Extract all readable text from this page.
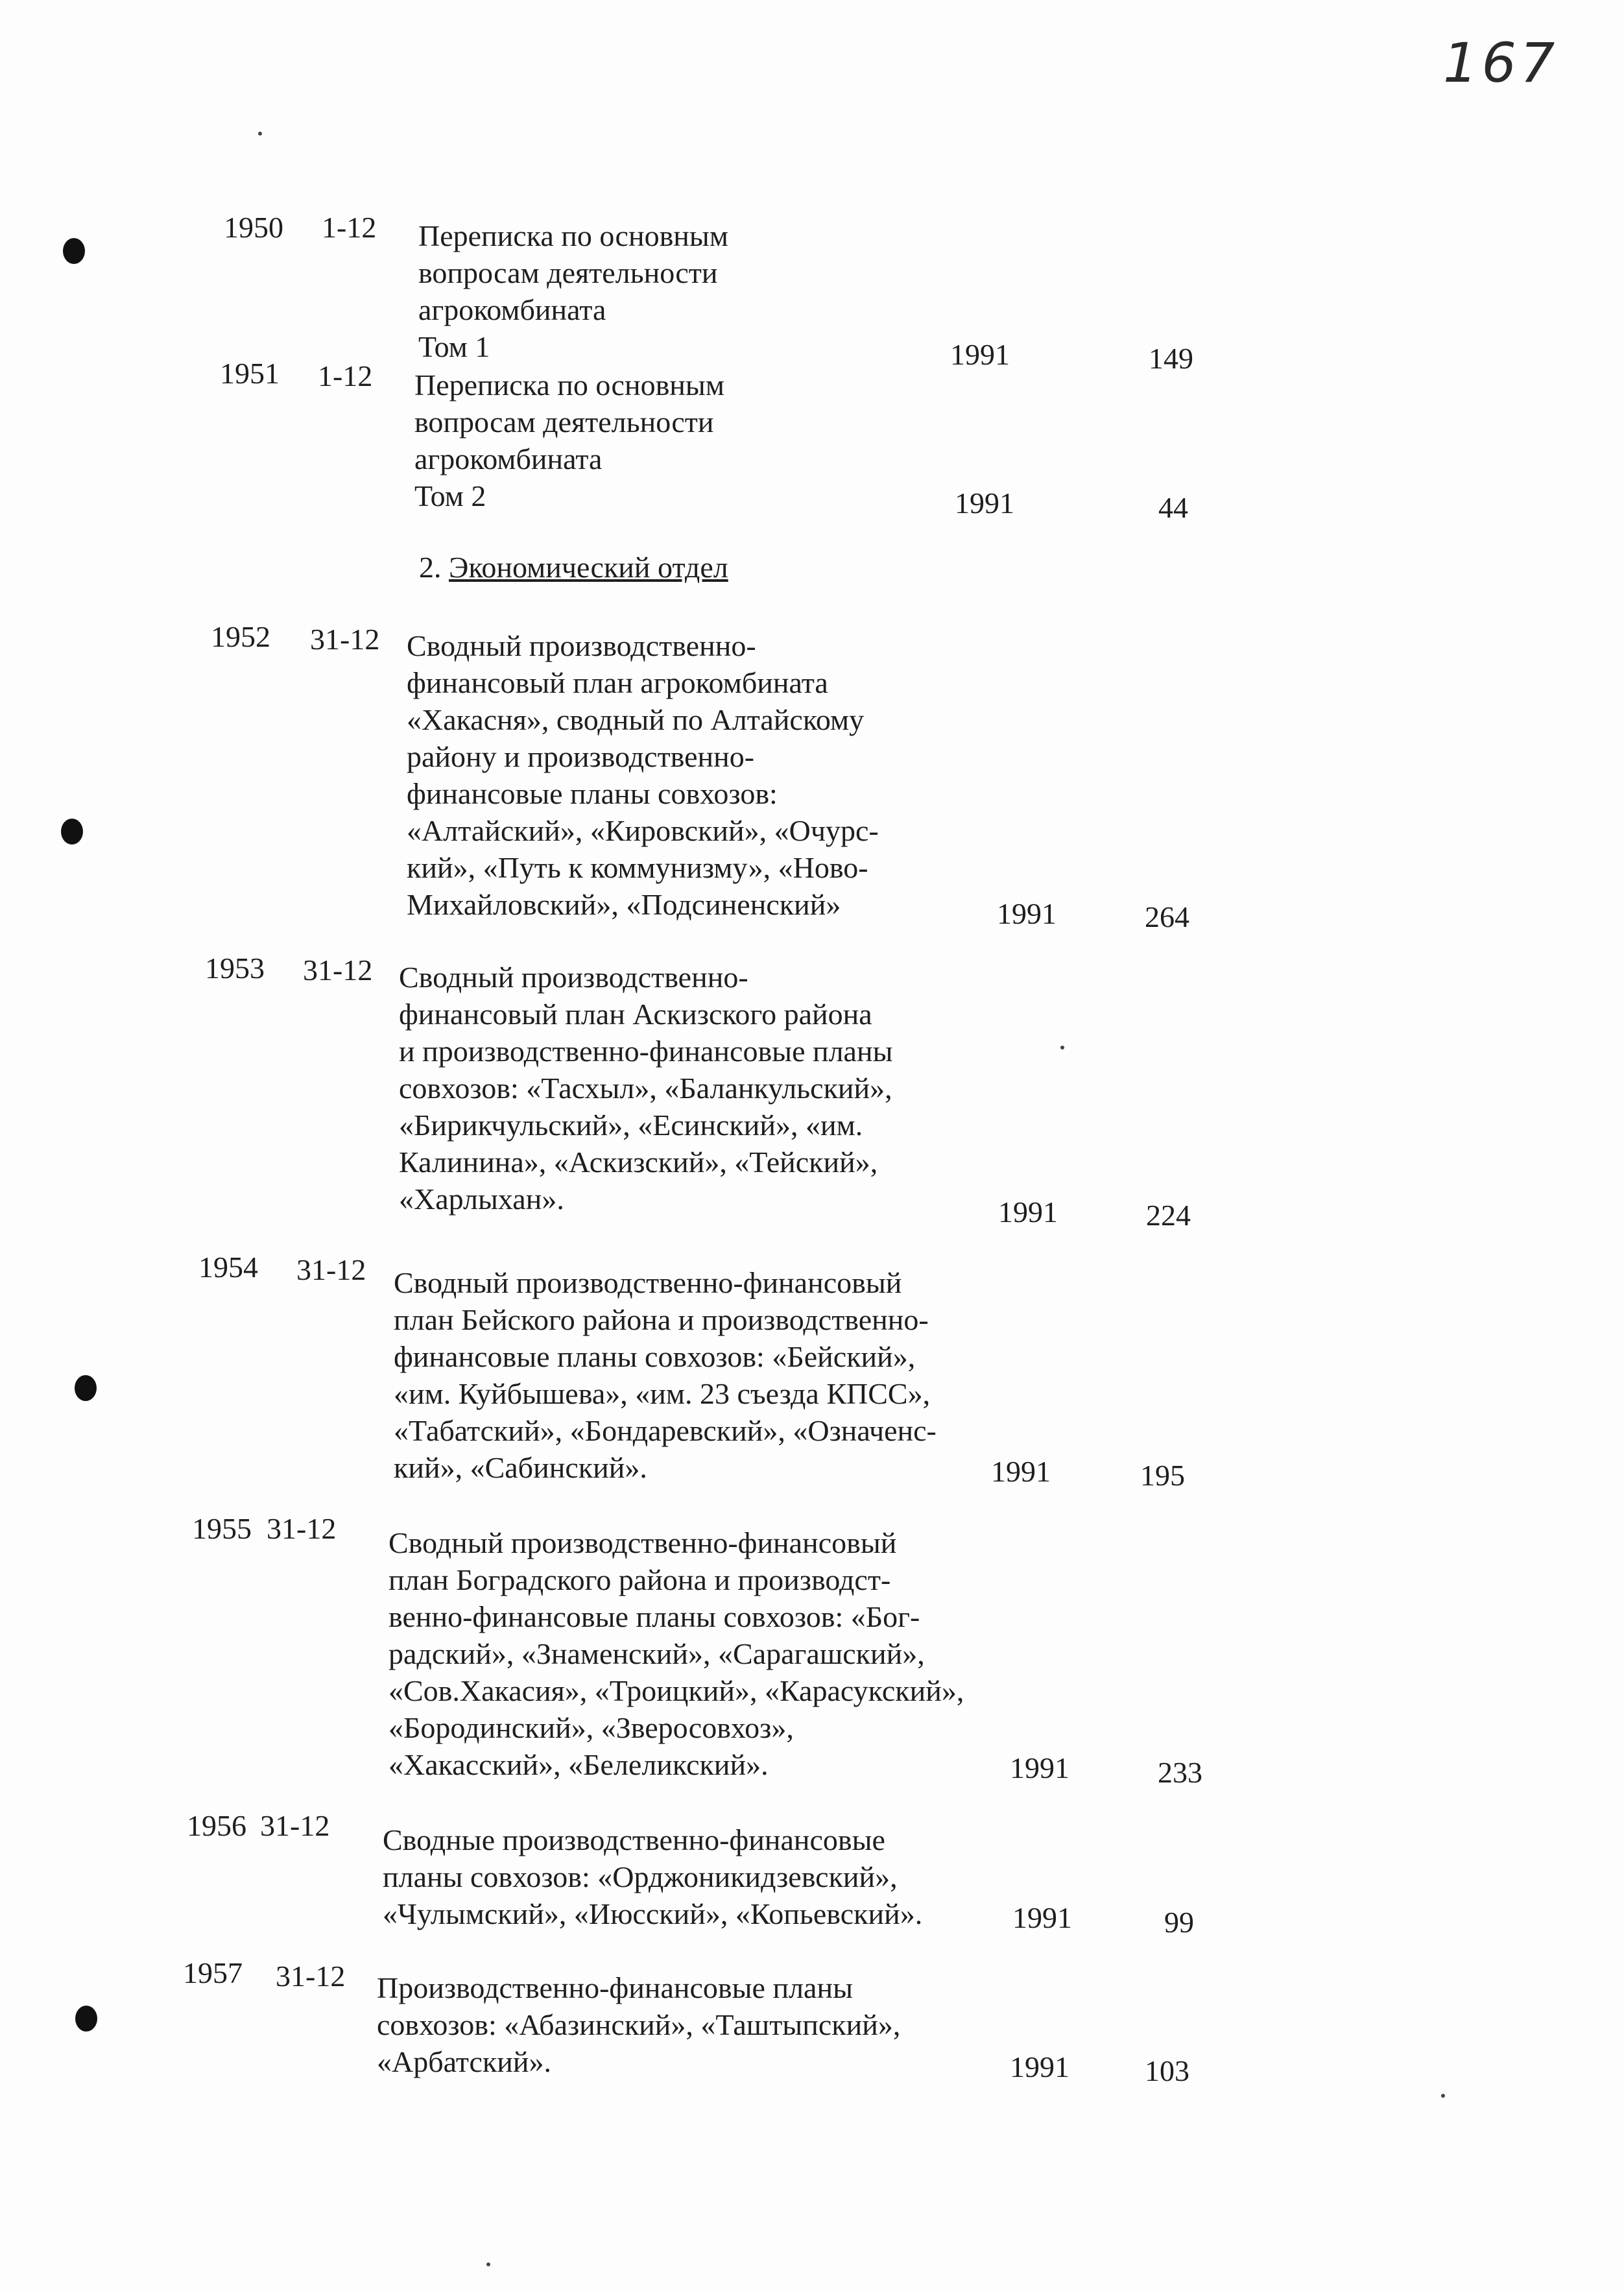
167
1950 1-12 Переписка по основным
вопросам деятельности
агрокомбината
Том 1	1991	149
1951 1-12 Переписка по основным
вопросам деятельности
агрокомбината
Том 2	1991	44
2. Экономический отдел
1952 31-12 Сводный производственно-
финансовый план агрокомбината
«Хакасня», сводный по Алтайскому
району и производственно-
финансовые планы совхозов:
«Алтайский», «Кировский», «Очурс-
кий», «Путь к коммунизму», «Ново-
Михайловский», «Подсиненский»	1991	264
1953 31-12 Сводный производственно-
финансовый план Аскизского района
и производственно-финансовые планы
совхозов: «Тасхыл», «Баланкульский»,
«Бирикчульский», «Есинский», «им.
Калинина», «Аскизский», «Тейский»,
«Харлыхан».	1991	224
1954 31-12 Сводный производственно-финансовый
план Бейского района и производственно-
финансовые планы совхозов: «Бейский»,
«им. Куйбышева», «им. 23 съезда КПСС»,
«Табатский», «Бондаревский», «Означенс-
кий», «Сабинский».	1991	195
1955 31-12 Сводный производственно-финансовый
план Боградского района и производст-
венно-финансовые планы совхозов: «Бог-
радский», «Знаменский», «Сарагашский»,
«Сов.Хакасия», «Троицкий», «Карасукский»,
«Бородинский», «Зверосовхоз»,
«Хакасский», «Белеликский».	1991	233
1956 31-12 Сводные производственно-финансовые
планы совхозов: «Орджоникидзевский»,
«Чулымский», «Июсский», «Копьевский».	1991	99
1957 31-12 Производственно-финансовые планы
совхозов: «Абазинский», «Таштыпский»,
«Арбатский».	1991	103
